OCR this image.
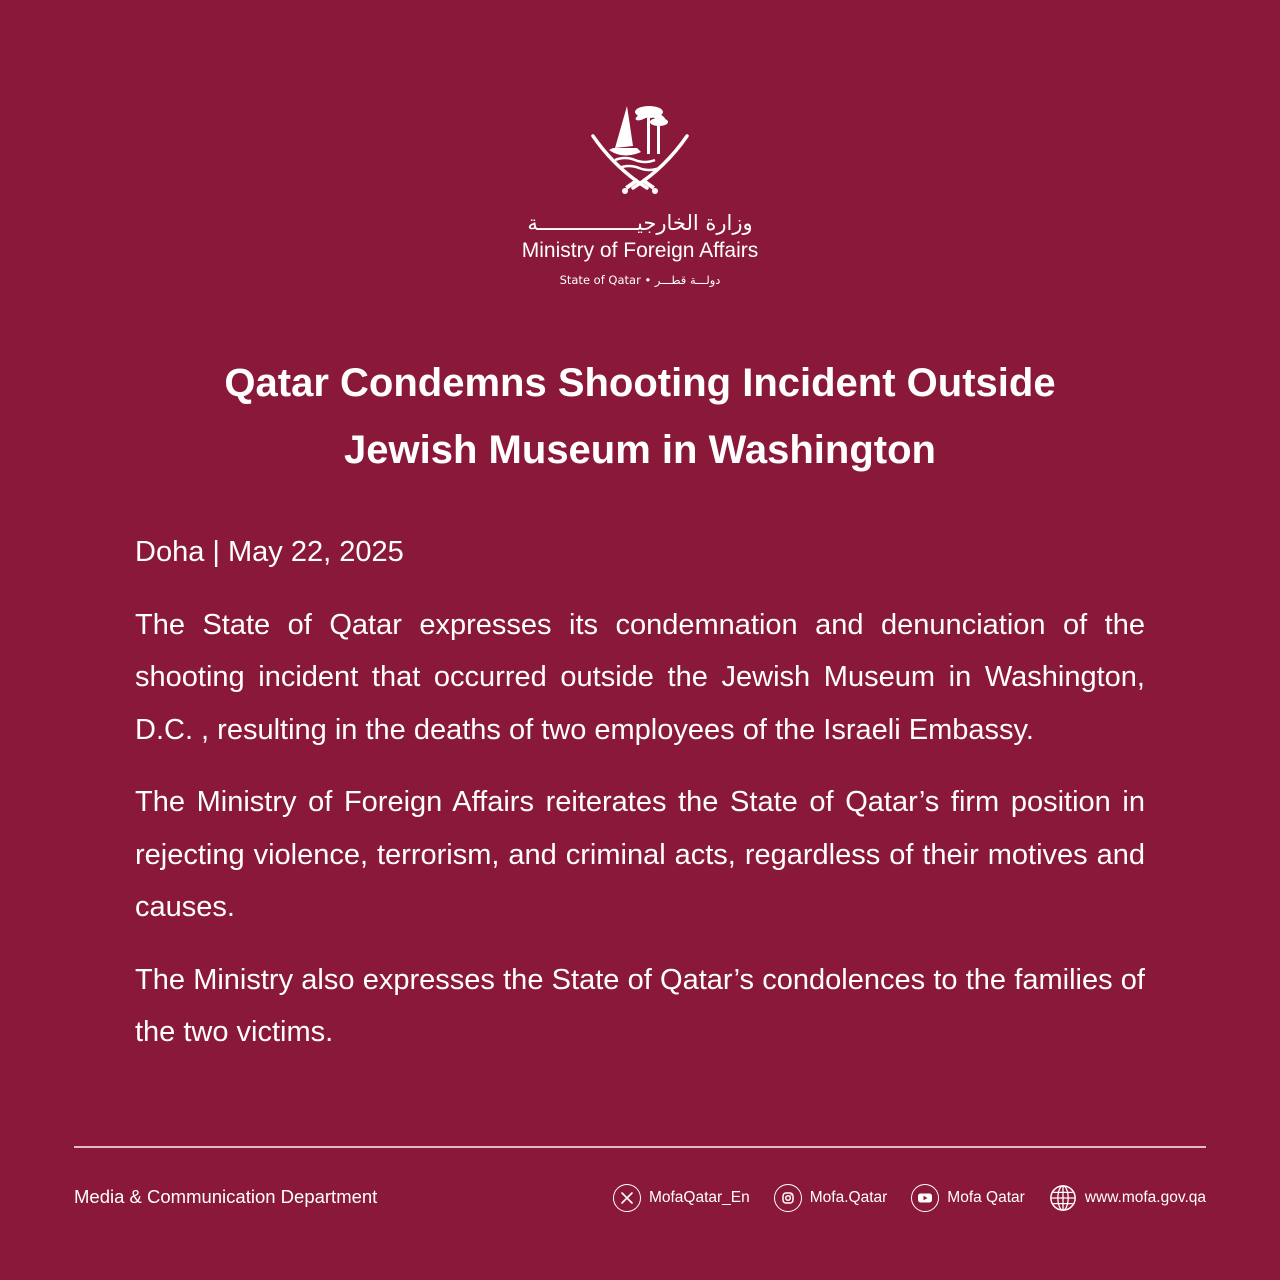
وزارة الخارجيــــــــــــــــة
Ministry of Foreign Affairs
State of Qatar • دولـــة قطـــر
Qatar Condemns Shooting Incident Outside
Jewish Museum in Washington

Doha | May 22, 2025

The State of Qatar expresses its condemnation and denunciation of the shooting incident that occurred outside the Jewish Museum in Washington, D.C. , resulting in the deaths of two employees of the Israeli Embassy.

The Ministry of Foreign Affairs reiterates the State of Qatar’s firm position in rejecting violence, terrorism, and criminal acts, regardless of their motives and causes.

The Ministry also expresses the State of Qatar’s condolences to the families of the two victims.

Media & Communication Department	MofaQatar_En	Mofa.Qatar	Mofa Qatar	www.mofa.gov.qa
